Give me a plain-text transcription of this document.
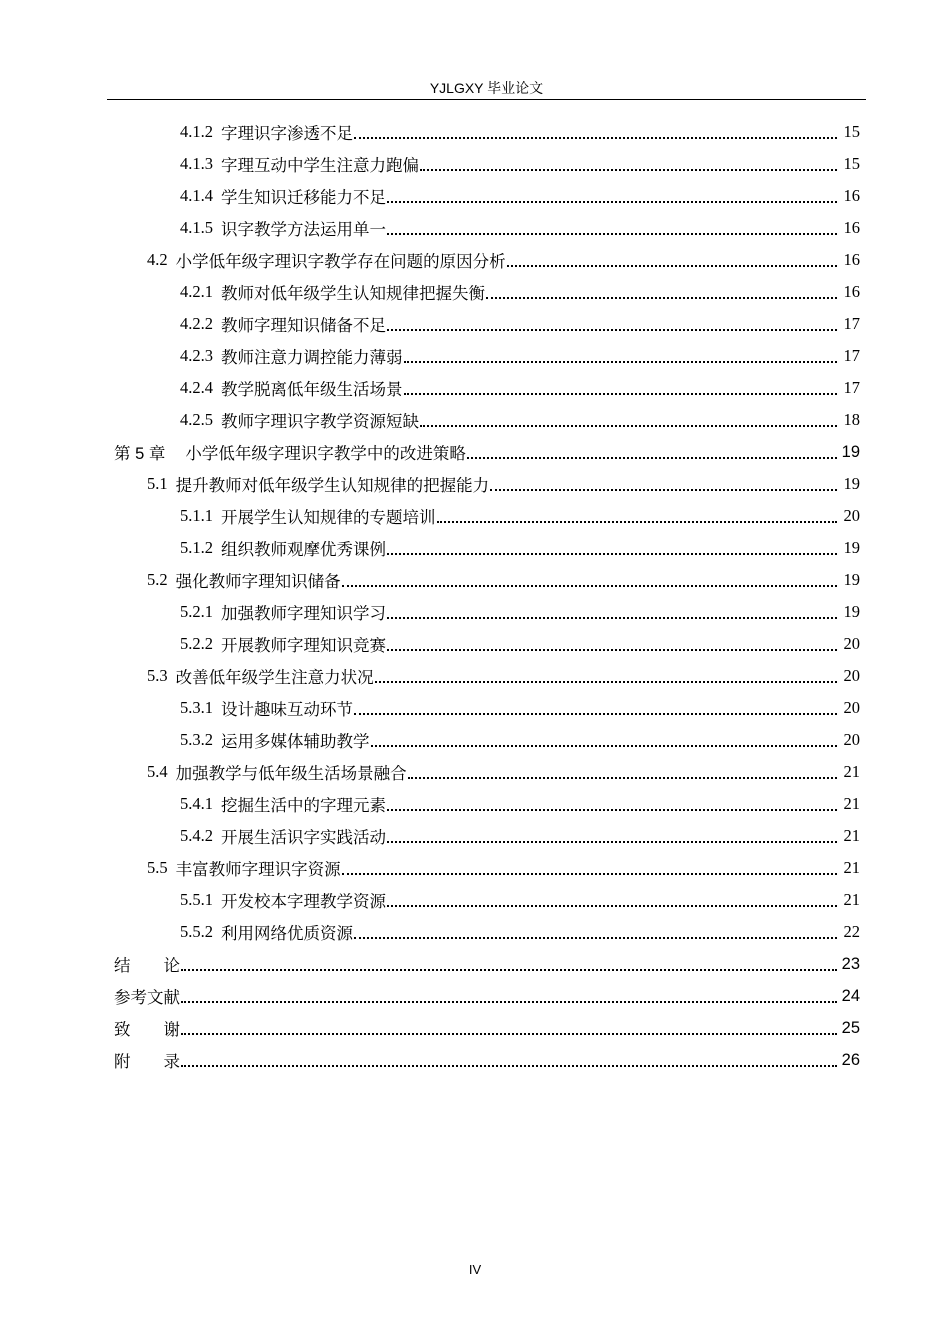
YJLGXY 毕业论文
4.1.2 字理识字渗透不足	15
4.1.3 字理互动中学生注意力跑偏	15
4.1.4 学生知识迁移能力不足	16
4.1.5 识字教学方法运用单一	16
4.2 小学低年级字理识字教学存在问题的原因分析	16
4.2.1 教师对低年级学生认知规律把握失衡	16
4.2.2 教师字理知识储备不足	17
4.2.3 教师注意力调控能力薄弱	17
4.2.4 教学脱离低年级生活场景	17
4.2.5 教师字理识字教学资源短缺	18
第 5 章 小学低年级字理识字教学中的改进策略	19
5.1 提升教师对低年级学生认知规律的把握能力	19
5.1.1 开展学生认知规律的专题培训	20
5.1.2 组织教师观摩优秀课例	19
5.2 强化教师字理知识储备	19
5.2.1 加强教师字理知识学习	19
5.2.2 开展教师字理知识竞赛	20
5.3 改善低年级学生注意力状况	20
5.3.1 设计趣味互动环节	20
5.3.2 运用多媒体辅助教学	20
5.4 加强教学与低年级生活场景融合	21
5.4.1 挖掘生活中的字理元素	21
5.4.2 开展生活识字实践活动	21
5.5 丰富教师字理识字资源	21
5.5.1 开发校本字理教学资源	21
5.5.2 利用网络优质资源	22
结　　论	23
参考文献	24
致　　谢	25
附　　录	26
IV
